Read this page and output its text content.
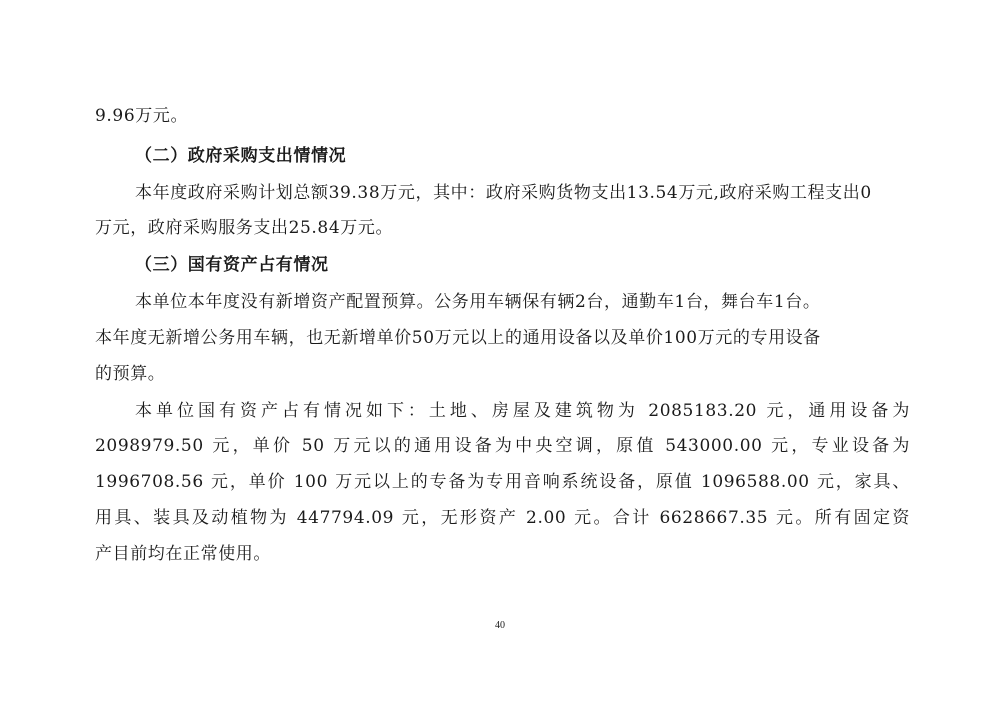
9.96万元。
（二）政府采购支出情情况
本年度政府采购计划总额39.38万元，其中：政府采购货物支出13.54万元,政府采购工程支出0
万元，政府采购服务支出25.84万元。
（三）国有资产占有情况
本单位本年度没有新增资产配置预算。公务用车辆保有辆2台，通勤车1台，舞台车1台。
本年度无新增公务用车辆，也无新增单价50万元以上的通用设备以及单价100万元的专用设备
的预算。
本单位国有资产占有情况如下：土地、房屋及建筑物为 2085183.20 元，通用设备为
2098979.50 元，单价 50 万元以的通用设备为中央空调，原值 543000.00 元，专业设备为
1996708.56 元，单价 100 万元以上的专备为专用音响系统设备，原值 1096588.00 元，家具、
用具、装具及动植物为 447794.09 元，无形资产 2.00 元。合计 6628667.35 元。所有固定资
产目前均在正常使用。
40
